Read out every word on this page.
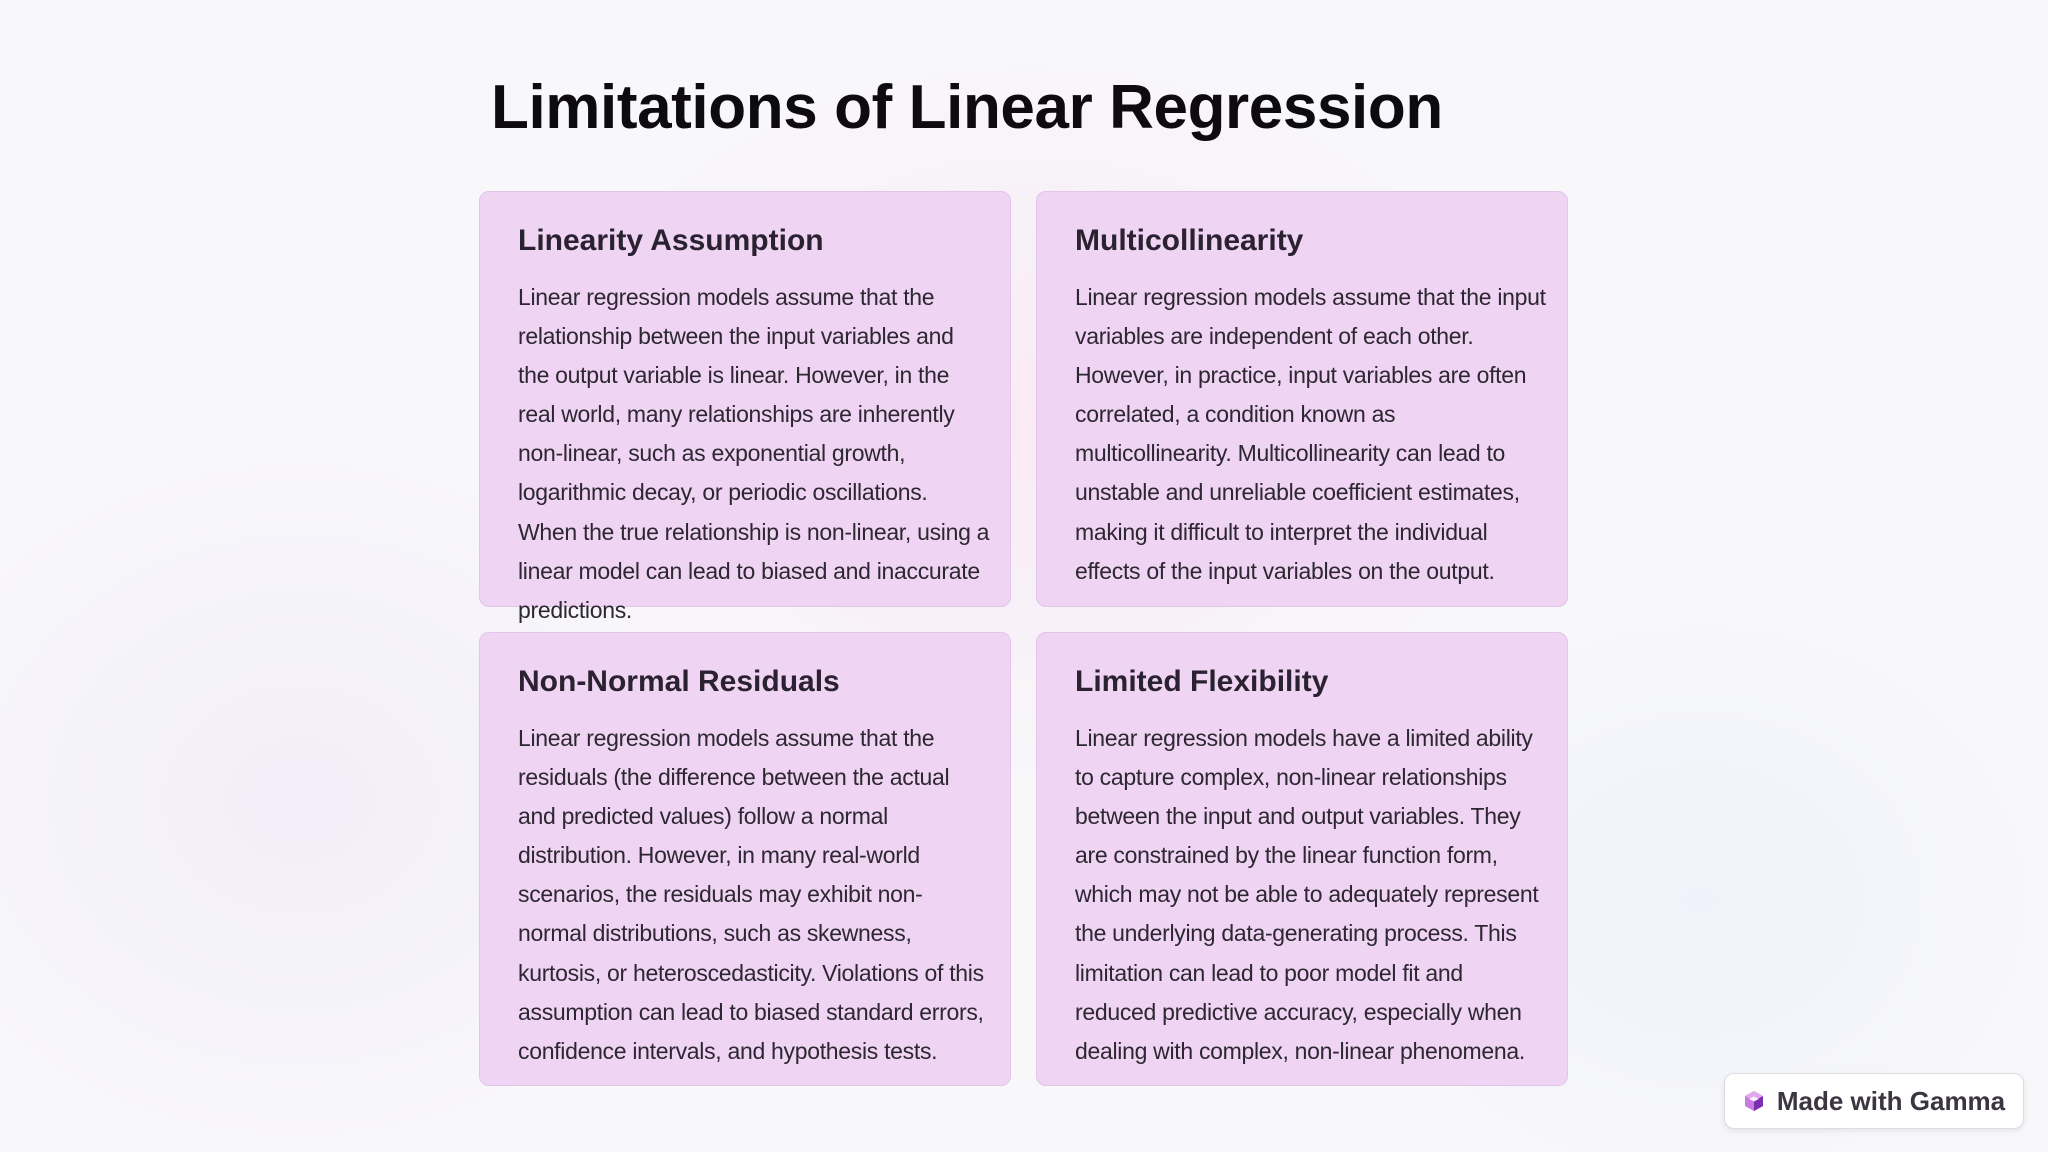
Limitations of Linear Regression
Linearity Assumption

Linear regression models assume that the relationship between the input variables and the output variable is linear. However, in the real world, many relationships are inherently non-linear, such as exponential growth, logarithmic decay, or periodic oscillations. When the true relationship is non-linear, using a linear model can lead to biased and inaccurate predictions.

Multicollinearity

Linear regression models assume that the input variables are independent of each other. However, in practice, input variables are often correlated, a condition known as multicollinearity. Multicollinearity can lead to unstable and unreliable coefficient estimates, making it difficult to interpret the individual effects of the input variables on the output.

Non-Normal Residuals

Linear regression models assume that the residuals (the difference between the actual and predicted values) follow a normal distribution. However, in many real-world scenarios, the residuals may exhibit non-normal distributions, such as skewness, kurtosis, or heteroscedasticity. Violations of this assumption can lead to biased standard errors, confidence intervals, and hypothesis tests.

Limited Flexibility

Linear regression models have a limited ability to capture complex, non-linear relationships between the input and output variables. They are constrained by the linear function form, which may not be able to adequately represent the underlying data-generating process. This limitation can lead to poor model fit and reduced predictive accuracy, especially when dealing with complex, non-linear phenomena.

Made with Gamma
